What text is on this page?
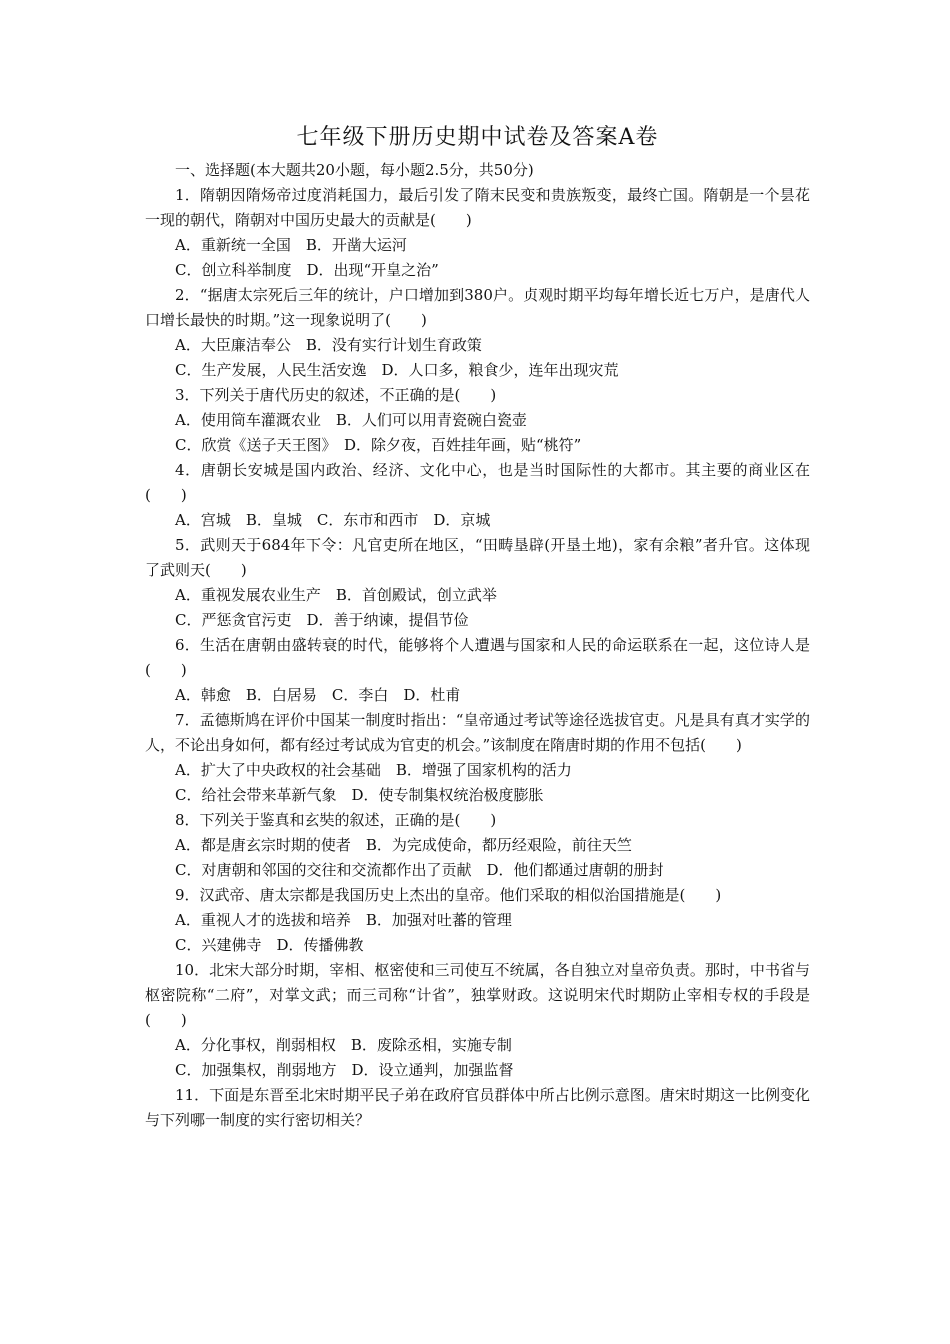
七年级下册历史期中试卷及答案A卷

一、选择题(本大题共20小题，每小题2.5分，共50分)

1．隋朝因隋炀帝过度消耗国力，最后引发了隋末民变和贵族叛变，最终亡国。隋朝是一个昙花一现的朝代，隋朝对中国历史最大的贡献是(　　)

A．重新统一全国　B．开凿大运河

C．创立科举制度　D．出现“开皇之治”

2．“据唐太宗死后三年的统计，户口增加到380户。贞观时期平均每年增长近七万户，是唐代人口增长最快的时期。”这一现象说明了(　　)

A．大臣廉洁奉公　B．没有实行计划生育政策

C．生产发展，人民生活安逸　D．人口多，粮食少，连年出现灾荒

3．下列关于唐代历史的叙述，不正确的是(　　)

A．使用筒车灌溉农业　B．人们可以用青瓷碗白瓷壶

C．欣赏《送子天王图》　D．除夕夜，百姓挂年画，贴“桃符”

4．唐朝长安城是国内政治、经济、文化中心，也是当时国际性的大都市。其主要的商业区在(　　)

A．宫城　B．皇城　C．东市和西市　D．京城

5．武则天于684年下令：凡官吏所在地区，“田畴垦辟(开垦土地)，家有余粮”者升官。这体现了武则天(　　)

A．重视发展农业生产　B．首创殿试，创立武举

C．严惩贪官污吏　D．善于纳谏，提倡节俭

6．生活在唐朝由盛转衰的时代，能够将个人遭遇与国家和人民的命运联系在一起，这位诗人是(　　)

A．韩愈　B．白居易　C．李白　D．杜甫

7．孟德斯鸠在评价中国某一制度时指出：“皇帝通过考试等途径选拔官吏。凡是具有真才实学的人，不论出身如何，都有经过考试成为官吏的机会。”该制度在隋唐时期的作用不包括(　　)

A．扩大了中央政权的社会基础　B．增强了国家机构的活力

C．给社会带来革新气象　D．使专制集权统治极度膨胀

8．下列关于鉴真和玄奘的叙述，正确的是(　　)

A．都是唐玄宗时期的使者　B．为完成使命，都历经艰险，前往天竺

C．对唐朝和邻国的交往和交流都作出了贡献　D．他们都通过唐朝的册封

9．汉武帝、唐太宗都是我国历史上杰出的皇帝。他们采取的相似治国措施是(　　)

A．重视人才的选拔和培养　B．加强对吐蕃的管理

C．兴建佛寺　D．传播佛教

10．北宋大部分时期，宰相、枢密使和三司使互不统属，各自独立对皇帝负责。那时，中书省与枢密院称“二府”，对掌文武；而三司称“计省”，独掌财政。这说明宋代时期防止宰相专权的手段是(　　)

A．分化事权，削弱相权　B．废除丞相，实施专制

C．加强集权，削弱地方　D．设立通判，加强监督

11．下面是东晋至北宋时期平民子弟在政府官员群体中所占比例示意图。唐宋时期这一比例变化与下列哪一制度的实行密切相关？
